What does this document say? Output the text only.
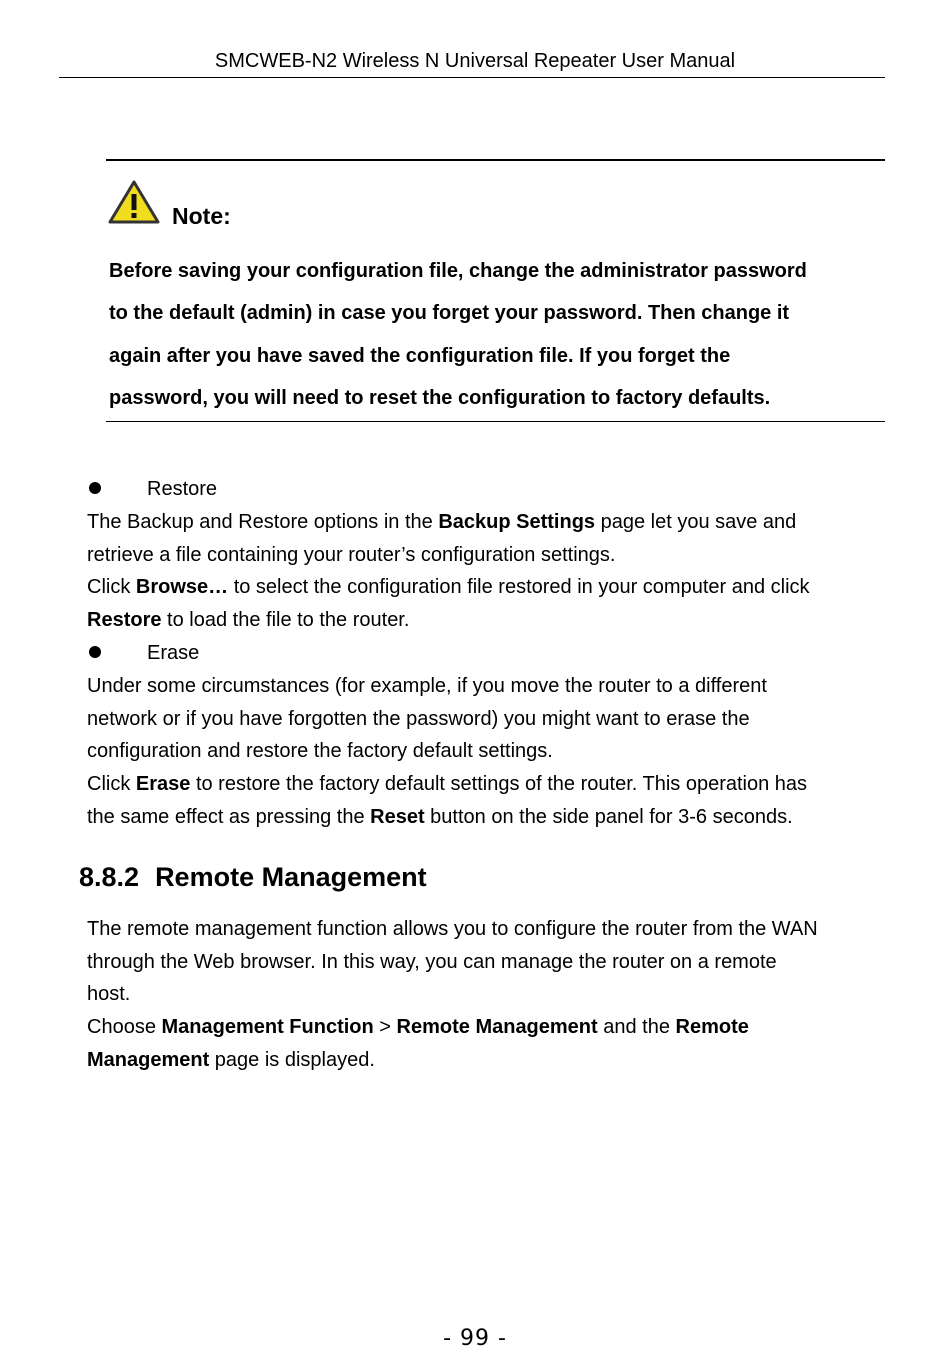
SMCWEB-N2 Wireless N Universal Repeater User Manual
Note:
Before saving your configuration file, change the administrator password
to the default (admin) in case you forget your password. Then change it
again after you have saved the configuration file. If you forget the
password, you will need to reset the configuration to factory defaults.
Restore
The Backup and Restore options in the Backup Settings page let you save and
retrieve a file containing your router’s configuration settings.
Click Browse… to select the configuration file restored in your computer and click
Restore to load the file to the router.
Erase
Under some circumstances (for example, if you move the router to a different
network or if you have forgotten the password) you might want to erase the
configuration and restore the factory default settings.
Click Erase to restore the factory default settings of the router. This operation has
the same effect as pressing the Reset button on the side panel for 3-6 seconds.
8.8.2 Remote Management
The remote management function allows you to configure the router from the WAN
through the Web browser. In this way, you can manage the router on a remote
host.
Choose Management Function > Remote Management and the Remote
Management page is displayed.
- 99 -
